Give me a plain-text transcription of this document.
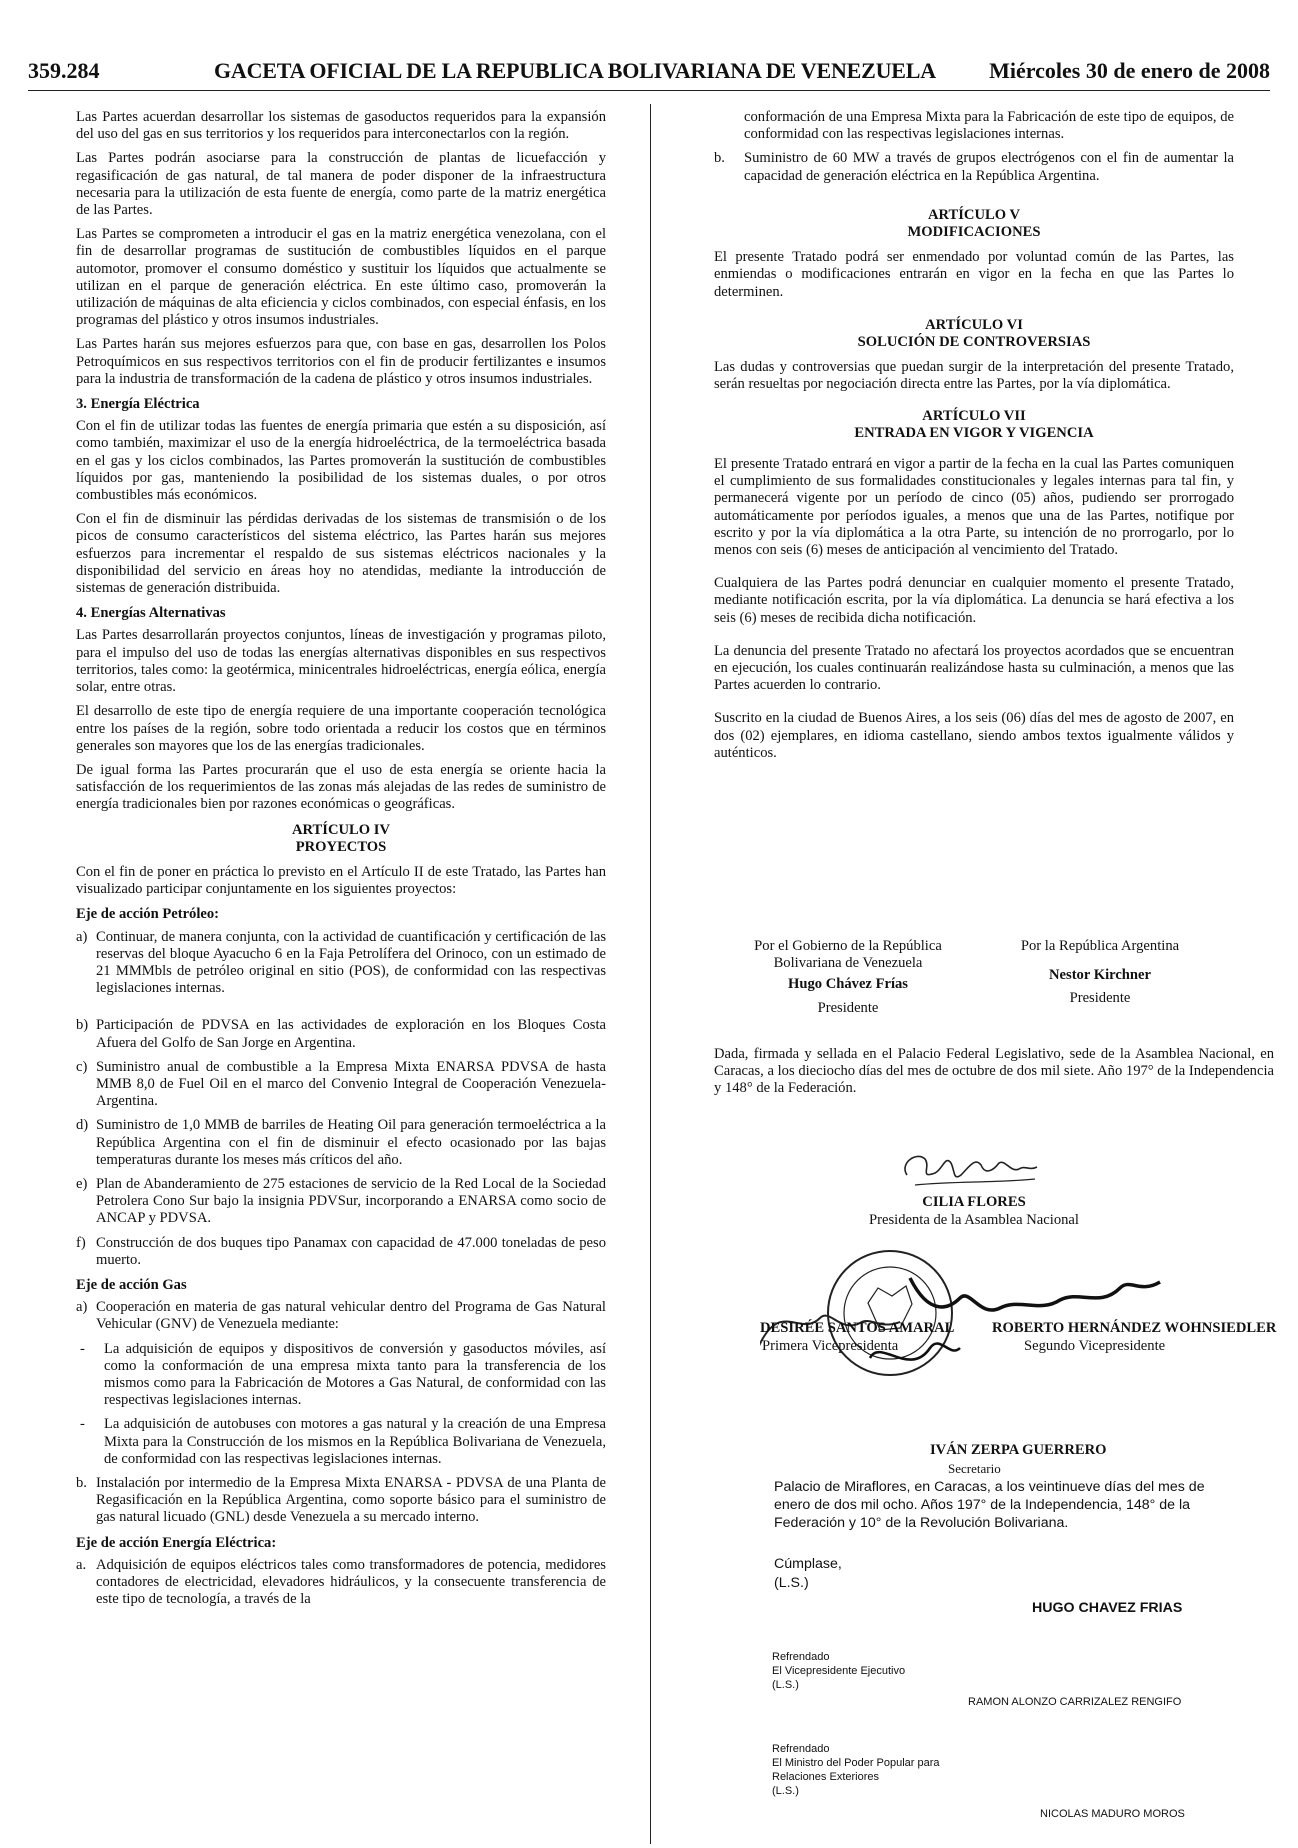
359.284	GACETA OFICIAL DE LA REPUBLICA BOLIVARIANA DE VENEZUELA Miércoles 30 de enero de 2008

Las Partes acuerdan desarrollar los sistemas de gasoductos requeridos para la expansión del uso del gas en sus territorios y los requeridos para interconectarlos con la región.

Las Partes podrán asociarse para la construcción de plantas de licuefacción y regasificación de gas natural, de tal manera de poder disponer de la infraestructura necesaria para la utilización de esta fuente de energía, como parte de la matriz energética de las Partes.

Las Partes se comprometen a introducir el gas en la matriz energética venezolana, con el fin de desarrollar programas de sustitución de combustibles líquidos en el parque automotor, promover el consumo doméstico y sustituir los líquidos que actualmente se utilizan en el parque de generación eléctrica. En este último caso, promoverán la utilización de máquinas de alta eficiencia y ciclos combinados, con especial énfasis, en los programas del plástico y otros insumos industriales.

Las Partes harán sus mejores esfuerzos para que, con base en gas, desarrollen los Polos Petroquímicos en sus respectivos territorios con el fin de producir fertilizantes e insumos para la industria de transformación de la cadena de plástico y otros insumos industriales.

3. Energía Eléctrica

Con el fin de utilizar todas las fuentes de energía primaria que estén a su disposición, así como también, maximizar el uso de la energía hidroeléctrica, de la termoeléctrica basada en el gas y los ciclos combinados, las Partes promoverán la sustitución de combustibles líquidos por gas, manteniendo la posibilidad de los sistemas duales, o por otros combustibles más económicos.

Con el fin de disminuir las pérdidas derivadas de los sistemas de transmisión o de los picos de consumo característicos del sistema eléctrico, las Partes harán sus mejores esfuerzos para incrementar el respaldo de sus sistemas eléctricos nacionales y la disponibilidad del servicio en áreas hoy no atendidas, mediante la introducción de sistemas de generación distribuida.

4. Energías Alternativas

Las Partes desarrollarán proyectos conjuntos, líneas de investigación y programas piloto, para el impulso del uso de todas las energías alternativas disponibles en sus respectivos territorios, tales como: la geotérmica, minicentrales hidroeléctricas, energía eólica, energía solar, entre otras.

El desarrollo de este tipo de energía requiere de una importante cooperación tecnológica entre los países de la región, sobre todo orientada a reducir los costos que en términos generales son mayores que los de las energías tradicionales.

De igual forma las Partes procurarán que el uso de esta energía se oriente hacia la satisfacción de los requerimientos de las zonas más alejadas de las redes de suministro de energía tradicionales bien por razones económicas o geográficas.

ARTÍCULO IV
PROYECTOS

Con el fin de poner en práctica lo previsto en el Artículo II de este Tratado, las Partes han visualizado participar conjuntamente en los siguientes proyectos:

Eje de acción Petróleo:
a) Continuar, de manera conjunta, con la actividad de cuantificación y certificación de las reservas del bloque Ayacucho 6 en la Faja Petrolífera del Orinoco, con un estimado de 21 MMMbls de petróleo original en sitio (POS), de conformidad con las respectivas legislaciones internas.
b) Participación de PDVSA en las actividades de exploración en los Bloques Costa Afuera del Golfo de San Jorge en Argentina.
c) Suministro anual de combustible a la Empresa Mixta ENARSA PDVSA de hasta MMB 8,0 de Fuel Oil en el marco del Convenio Integral de Cooperación Venezuela-Argentina.
d) Suministro de 1,0 MMB de barriles de Heating Oil para generación termoeléctrica a la República Argentina con el fin de disminuir el efecto ocasionado por las bajas temperaturas durante los meses más críticos del año.
e) Plan de Abanderamiento de 275 estaciones de servicio de la Red Local de la Sociedad Petrolera Cono Sur bajo la insignia PDVSur, incorporando a ENARSA como socio de ANCAP y PDVSA.
f) Construcción de dos buques tipo Panamax con capacidad de 47.000 toneladas de peso muerto.
Eje de acción Gas
a) Cooperación en materia de gas natural vehicular dentro del Programa de Gas Natural Vehicular (GNV) de Venezuela mediante:
-	La adquisición de equipos y dispositivos de conversión y gasoductos móviles, así como la conformación de una empresa mixta tanto para la transferencia de los mismos como para la Fabricación de Motores a Gas Natural, de conformidad con las respectivas legislaciones internas.
-	La adquisición de autobuses con motores a gas natural y la creación de una Empresa Mixta para la Construcción de los mismos en la República Bolivariana de Venezuela, de conformidad con las respectivas legislaciones internas.
b. Instalación por intermedio de la Empresa Mixta ENARSA - PDVSA de una Planta de Regasificación en la República Argentina, como soporte básico para el suministro de gas natural licuado (GNL) desde Venezuela a su mercado interno.
Eje de acción Energía Eléctrica:
a. Adquisición de equipos eléctricos tales como transformadores de potencia, medidores contadores de electricidad, elevadores hidráulicos, y la consecuente transferencia de este tipo de tecnología, a través de la

conformación de una Empresa Mixta para la Fabricación de este tipo de equipos, de conformidad con las respectivas legislaciones internas.

b.	Suministro de 60 MW a través de grupos electrógenos con el fin de aumentar la capacidad de generación eléctrica en la República Argentina.
ARTÍCULO V
MODIFICACIONES

El presente Tratado podrá ser enmendado por voluntad común de las Partes, las enmiendas o modificaciones entrarán en vigor en la fecha en que las Partes lo determinen.

ARTÍCULO VI
SOLUCIÓN DE CONTROVERSIAS

Las dudas y controversias que puedan surgir de la interpretación del presente Tratado, serán resueltas por negociación directa entre las Partes, por la vía diplomática.

ARTÍCULO VII
ENTRADA EN VIGOR Y VIGENCIA

El presente Tratado entrará en vigor a partir de la fecha en la cual las Partes comuniquen el cumplimiento de sus formalidades constitucionales y legales internas para tal fin, y permanecerá vigente por un período de cinco (05) años, pudiendo ser prorrogado automáticamente por períodos iguales, a menos que una de las Partes, notifique por escrito y por la vía diplomática a la otra Parte, su intención de no prorrogarlo, por lo menos con seis (6) meses de anticipación al vencimiento del Tratado.

Cualquiera de las Partes podrá denunciar en cualquier momento el presente Tratado, mediante notificación escrita, por la vía diplomática. La denuncia se hará efectiva a los seis (6) meses de recibida dicha notificación.

La denuncia del presente Tratado no afectará los proyectos acordados que se encuentran en ejecución, los cuales continuarán realizándose hasta su culminación, a menos que las Partes acuerden lo contrario.

Suscrito en la ciudad de Buenos Aires, a los seis (06) días del mes de agosto de 2007, en dos (02) ejemplares, en idioma castellano, siendo ambos textos igualmente válidos y auténticos.

Por el Gobierno de la República
Bolivariana de Venezuela
Hugo Chávez Frías
Presidente
Por la República Argentina
Nestor Kirchner
Presidente
Dada, firmada y sellada en el Palacio Federal Legislativo, sede de la Asamblea Nacional, en Caracas, a los dieciocho días del mes de octubre de dos mil siete. Año 197° de la Independencia y 148° de la Federación.
CILIA FLORES
Presidenta de la Asamblea Nacional
DESIRÉE SANTOS AMARAL
Primera Vicepresidenta
ROBERTO HERNÁNDEZ WOHNSIEDLER
Segundo Vicepresidente
IVÁN ZERPA GUERRERO
Secretario
Palacio de Miraflores, en Caracas, a los veintinueve días del mes de enero de dos mil ocho. Años 197° de la Independencia, 148° de la Federación y 10° de la Revolución Bolivariana.
Cúmplase,
(L.S.)
HUGO CHAVEZ FRIAS
Refrendado
El Vicepresidente Ejecutivo
(L.S.)
RAMON ALONZO CARRIZALEZ RENGIFO
Refrendado
El Ministro del Poder Popular para
Relaciones Exteriores
(L.S.)
NICOLAS MADURO MOROS
